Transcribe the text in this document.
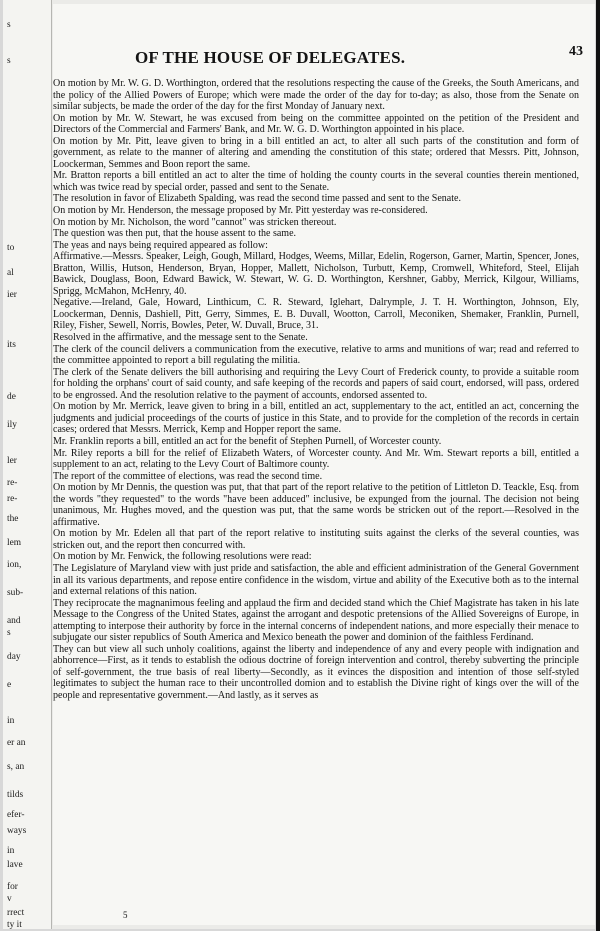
s
s
to
al
ier
its
de
ily
ler
re-
re-
the
lem
ion,
sub-
and
s
day
e
in
er an
s, an
tilds
efer-
ways
in
lave
for
v
rrect
ty it
OF THE HOUSE OF DELEGATES.	43

On motion by Mr. W. G. D. Worthington, ordered that the resolutions respecting the cause of the Greeks, the South Americans, and the policy of the Allied Powers of Europe; which were made the order of the day for to-day; as also, those from the Senate on similar subjects, be made the order of the day for the first Monday of January next.

On motion by Mr. W. Stewart, he was excused from being on the committee appointed on the petition of the President and Directors of the Commercial and Farmers' Bank, and Mr. W. G. D. Worthington appointed in his place.

On motion by Mr. Pitt, leave given to bring in a bill entitled an act, to alter all such parts of the constitution and form of government, as relate to the manner of altering and amending the constitution of this state; ordered that Messrs. Pitt, Johnson, Loockerman, Semmes and Boon report the same.

Mr. Bratton reports a bill entitled an act to alter the time of holding the county courts in the several counties therein mentioned, which was twice read by special order, passed and sent to the Senate.

The resolution in favor of Elizabeth Spalding, was read the second time passed and sent to the Senate.

On motion by Mr. Henderson, the message proposed by Mr. Pitt yesterday was re-considered.

On motion by Mr. Nicholson, the word "cannot" was stricken thereout.

The question was then put, that the house assent to the same.

The yeas and nays being required appeared as follow:

Affirmative.—Messrs. Speaker, Leigh, Gough, Millard, Hodges, Weems, Millar, Edelin, Rogerson, Garner, Martin, Spencer, Jones, Bratton, Willis, Hutson, Henderson, Bryan, Hopper, Mallett, Nicholson, Turbutt, Kemp, Cromwell, Whiteford, Steel, Elijah Bawick, Douglass, Boon, Edward Bawick, W. Stewart, W. G. D. Worthington, Kershner, Gabby, Merrick, Kilgour, Williams, Sprigg, McMahon, McHenry, 40.

Negative.—Ireland, Gale, Howard, Linthicum, C. R. Steward, Iglehart, Dalrymple, J. T. H. Worthington, Johnson, Ely, Loockerman, Dennis, Dashiell, Pitt, Gerry, Simmes, E. B. Duvall, Wootton, Carroll, Meconiken, Shemaker, Franklin, Purnell, Riley, Fisher, Sewell, Norris, Bowles, Peter, W. Duvall, Bruce, 31.

Resolved in the affirmative, and the message sent to the Senate.

The clerk of the council delivers a communication from the executive, relative to arms and munitions of war; read and referred to the committee appointed to report a bill regulating the militia.

The clerk of the Senate delivers the bill authorising and requiring the Levy Court of Frederick county, to provide a suitable room for holding the orphans' court of said county, and safe keeping of the records and papers of said court, endorsed, will pass, ordered to be engrossed. And the resolution relative to the payment of accounts, endorsed assented to.

On motion by Mr. Merrick, leave given to bring in a bill, entitled an act, supplementary to the act, entitled an act, concerning the judgments and judicial proceedings of the courts of justice in this State, and to provide for the completion of the records in certain cases; ordered that Messrs. Merrick, Kemp and Hopper report the same.

Mr. Franklin reports a bill, entitled an act for the benefit of Stephen Purnell, of Worcester county.

Mr. Riley reports a bill for the relief of Elizabeth Waters, of Worcester county. And Mr. Wm. Stewart reports a bill, entitled a supplement to an act, relating to the Levy Court of Baltimore county.

The report of the committee of elections, was read the second time.

On motion by Mr Dennis, the question was put, that that part of the report relative to the petition of Littleton D. Teackle, Esq. from the words "they requested" to the words "have been adduced" inclusive, be expunged from the journal. The decision not being unanimous, Mr. Hughes moved, and the question was put, that the same words be stricken out of the report.—Resolved in the affirmative.

On motion by Mr. Edelen all that part of the report relative to instituting suits against the clerks of the several counties, was stricken out, and the report then concurred with.

On motion by Mr. Fenwick, the following resolutions were read:

The Legislature of Maryland view with just pride and satisfaction, the able and efficient administration of the General Government in all its various departments, and repose entire confidence in the wisdom, virtue and ability of the Executive both as to the internal and external relations of this nation.

They reciprocate the magnanimous feeling and applaud the firm and decided stand which the Chief Magistrate has taken in his late Message to the Congress of the United States, against the arrogant and despotic pretensions of the Allied Sovereigns of Europe, in attempting to interpose their authority by force in the internal concerns of independent nations, and more especially their menace to subjugate our sister republics of South America and Mexico beneath the power and dominion of the faithless Ferdinand.

They can but view all such unholy coalitions, against the liberty and independence of any and every people with indignation and abhorrence—First, as it tends to establish the odious doctrine of foreign intervention and control, thereby subverting the principle of self-government, the true basis of real liberty—Secondly, as it evinces the disposition and intention of those self-styled legitimates to subject the human race to their uncontrolled domion and to establish the Divine right of kings over the will of the people and representative government.—And lastly, as it serves as

5
